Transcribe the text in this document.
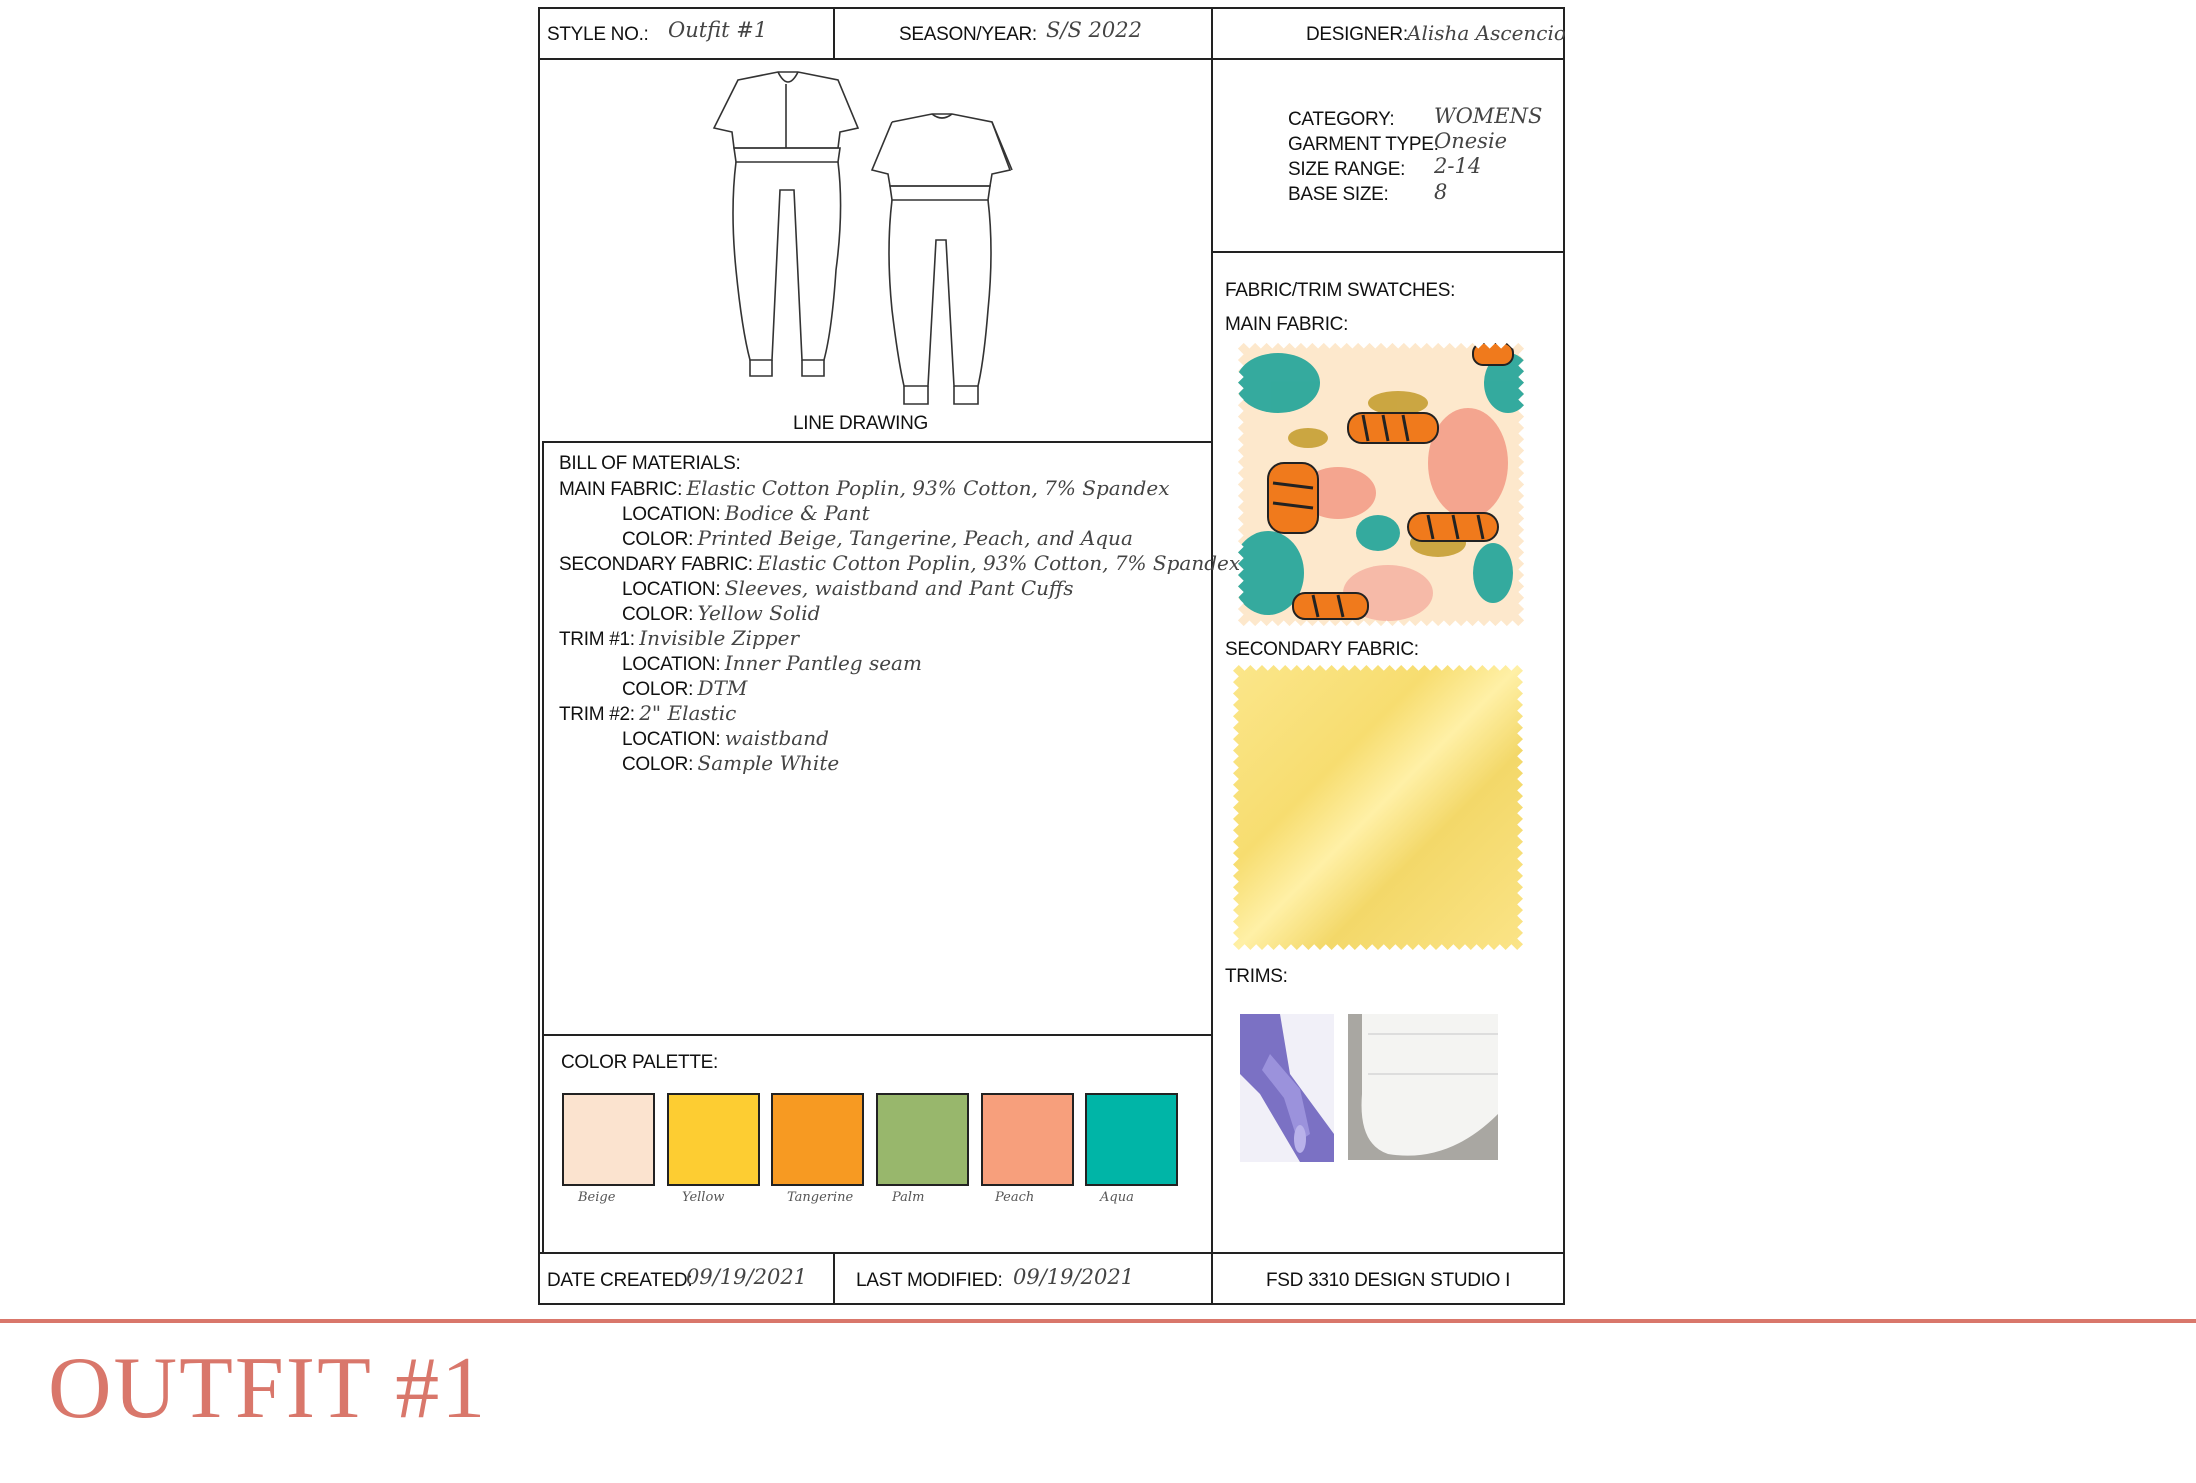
STYLE NO.: Outfit #1	SEASON/YEAR: S/S 2022	DESIGNER: Alisha Ascencio
LINE DRAWING
CATEGORY: WOMENS
GARMENT TYPE:
Onesie
SIZE RANGE: 2-14
BASE SIZE: 8
FABRIC/TRIM SWATCHES:
MAIN FABRIC:
SECONDARY FABRIC:
TRIMS:
BILL OF MATERIALS:
MAIN FABRIC: Elastic Cotton Poplin, 93% Cotton, 7% Spandex
LOCATION: Bodice & Pant
COLOR: Printed Beige, Tangerine, Peach, and Aqua
SECONDARY FABRIC: Elastic Cotton Poplin, 93% Cotton, 7% Spandex
LOCATION: Sleeves, waistband and Pant Cuffs
COLOR: Yellow Solid
TRIM #1: Invisible Zipper
LOCATION: Inner Pantleg seam
COLOR: DTM
TRIM #2: 2" Elastic
LOCATION: waistband
COLOR: Sample White
COLOR PALETTE:
Beige	Yellow	Tangerine	Palm	Peach	Aqua
DATE CREATED:
09/19/2021	LAST MODIFIED: 09/19/2021	FSD 3310 DESIGN STUDIO I
OUTFIT #1
